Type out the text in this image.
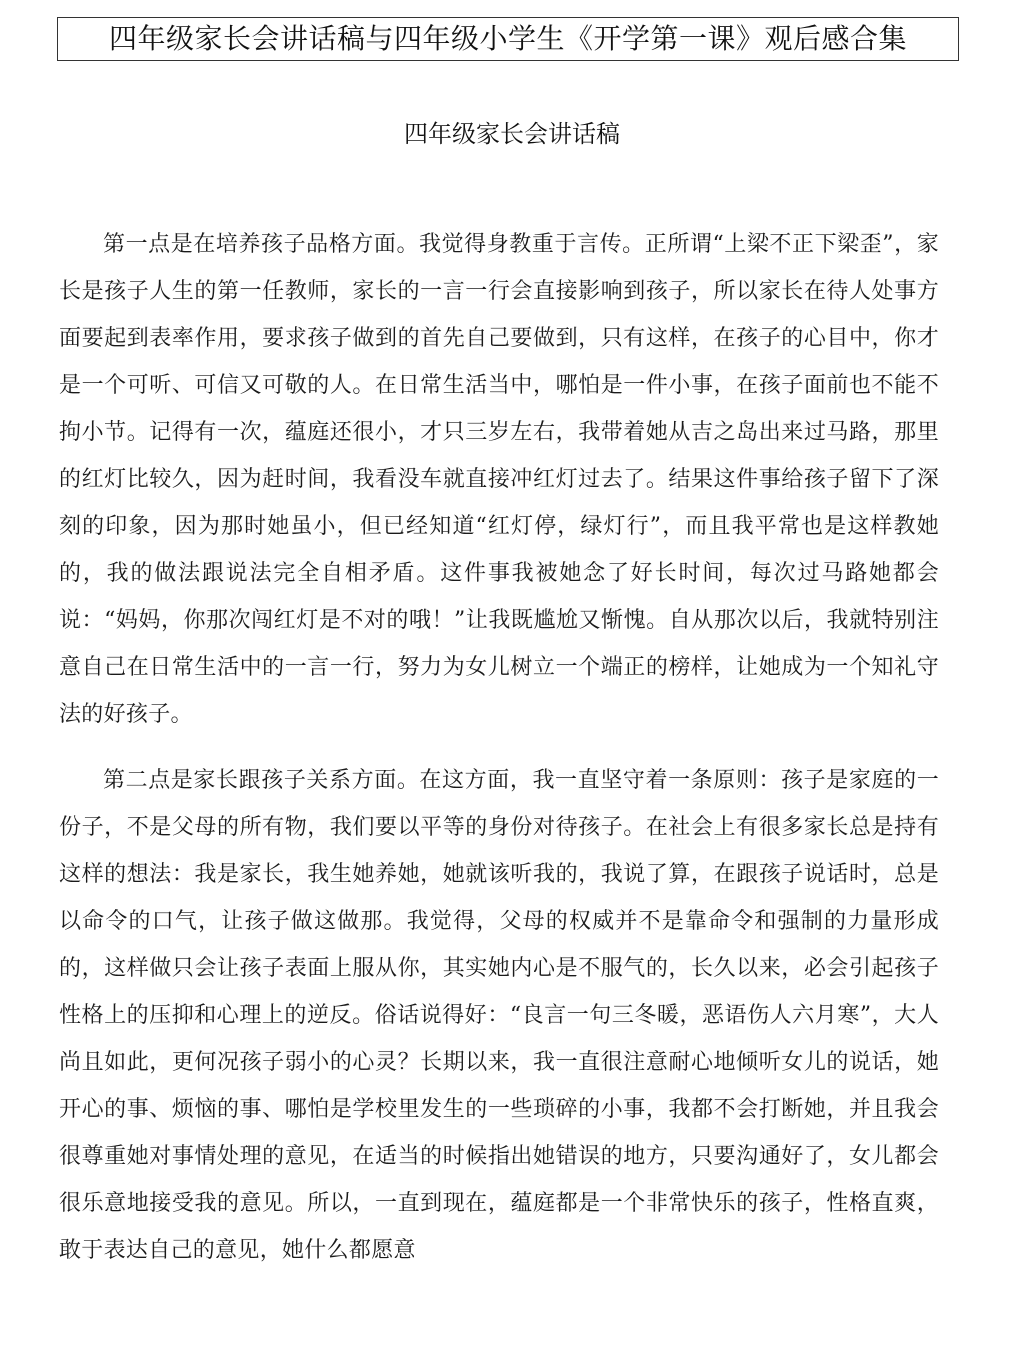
四年级家长会讲话稿与四年级小学生《开学第一课》观后感合集
四年级家长会讲话稿

第一点是在培养孩子品格方面。我觉得身教重于言传。正所谓“上梁不正下梁歪”，家长是孩子人生的第一任教师，家长的一言一行会直接影响到孩子，所以家长在待人处事方面要起到表率作用，要求孩子做到的首先自己要做到，只有这样，在孩子的心目中，你才是一个可听、可信又可敬的人。在日常生活当中，哪怕是一件小事，在孩子面前也不能不拘小节。记得有一次，蕴庭还很小，才只三岁左右，我带着她从吉之岛出来过马路，那里的红灯比较久，因为赶时间，我看没车就直接冲红灯过去了。结果这件事给孩子留下了深刻的印象，因为那时她虽小，但已经知道“红灯停，绿灯行”，而且我平常也是这样教她的，我的做法跟说法完全自相矛盾。这件事我被她念了好长时间，每次过马路她都会说：“妈妈，你那次闯红灯是不对的哦！”让我既尴尬又惭愧。自从那次以后，我就特别注意自己在日常生活中的一言一行，努力为女儿树立一个端正的榜样，让她成为一个知礼守法的好孩子。

第二点是家长跟孩子关系方面。在这方面，我一直坚守着一条原则：孩子是家庭的一份子，不是父母的所有物，我们要以平等的身份对待孩子。在社会上有很多家长总是持有这样的想法：我是家长，我生她养她，她就该听我的，我说了算，在跟孩子说话时，总是以命令的口气，让孩子做这做那。我觉得，父母的权威并不是靠命令和强制的力量形成的，这样做只会让孩子表面上服从你，其实她内心是不服气的，长久以来，必会引起孩子性格上的压抑和心理上的逆反。俗话说得好：“良言一句三冬暖，恶语伤人六月寒”，大人尚且如此，更何况孩子弱小的心灵？长期以来，我一直很注意耐心地倾听女儿的说话，她开心的事、烦恼的事、哪怕是学校里发生的一些琐碎的小事，我都不会打断她，并且我会很尊重她对事情处理的意见，在适当的时候指出她错误的地方，只要沟通好了，女儿都会很乐意地接受我的意见。所以，一直到现在，蕴庭都是一个非常快乐的孩子，性格直爽，敢于表达自己的意见，她什么都愿意
